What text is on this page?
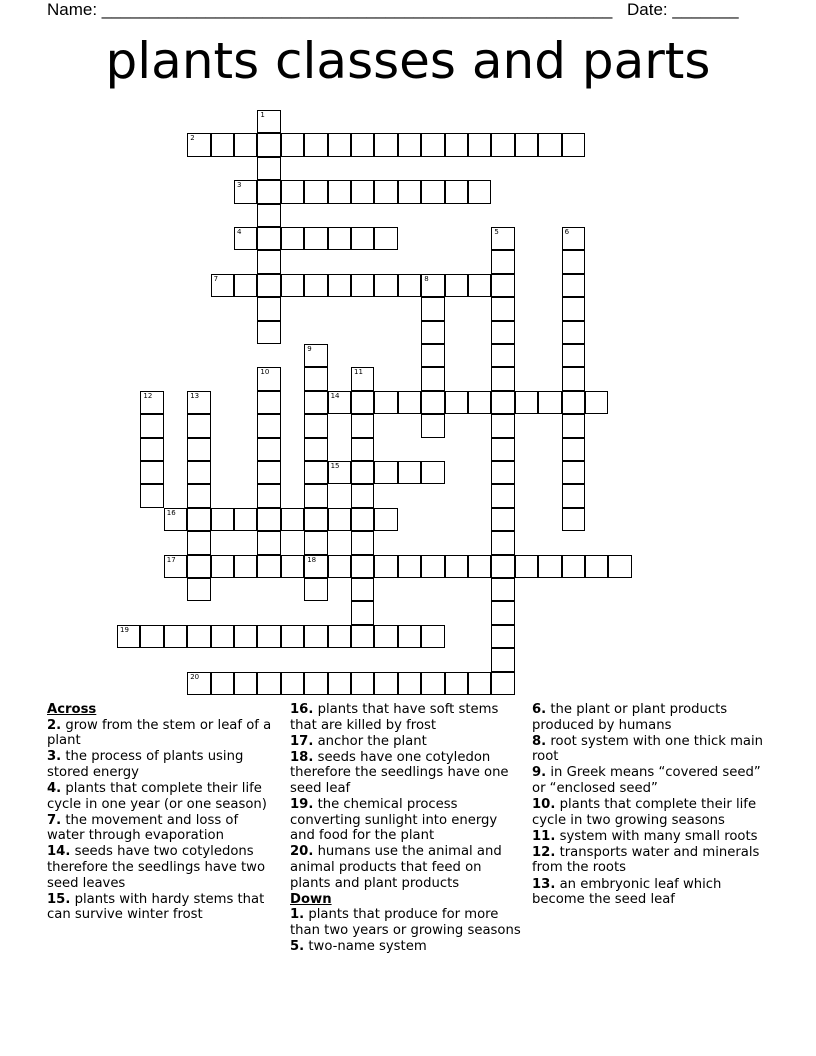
Name: ______________________________________________________ Date: _______
plants classes and parts
1
2
3
4	5	6
7	8
9
18
10	11
12	13	14
15
16
17
19
20
Across
2. grow from the stem or leaf of a plant
3. the process of plants using stored energy
4. plants that complete their life cycle in one year (or one season)
7. the movement and loss of water through evaporation
14. seeds have two cotyledons therefore the seedlings have two seed leaves
15. plants with hardy stems that can survive winter frost
16. plants that have soft stems that are killed by frost
17. anchor the plant
18. seeds have one cotyledon therefore the seedlings have one seed leaf
19. the chemical process converting sunlight into energy and food for the plant
20. humans use the animal and animal products that feed on plants and plant products
Down
1. plants that produce for more than two years or growing seasons
5. two-name system
6. the plant or plant products produced by humans
8. root system with one thick main root
9. in Greek means “covered seed” or “enclosed seed”
10. plants that complete their life cycle in two growing seasons
11. system with many small roots
12. transports water and minerals from the roots
13. an embryonic leaf which become the seed leaf
